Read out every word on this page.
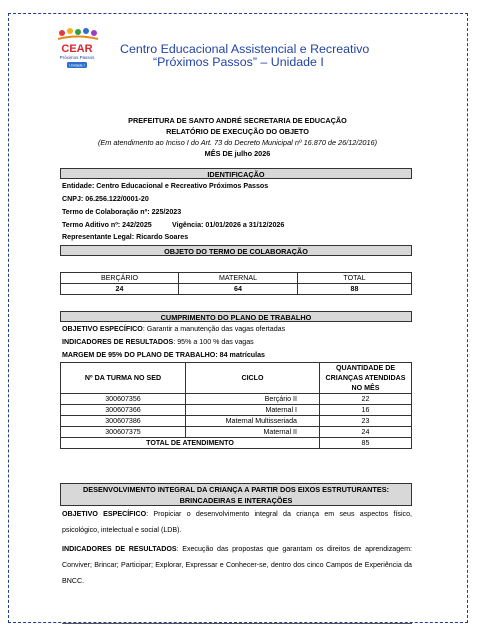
CEAR
Próximos Passos
Unidade I
Centro Educacional Assistencial e Recreativo
“Próximos Passos” – Unidade I
PREFEITURA DE SANTO ANDRÉ SECRETARIA DE EDUCAÇÃO
RELATÓRIO DE EXECUÇÃO DO OBJETO
(Em atendimento ao Inciso I do Art. 73 do Decreto Municipal nº 16.870 de 26/12/2016)
MÊS DE julho 2026
IDENTIFICAÇÃO
Entidade: Centro Educacional e Recreativo Próximos Passos
CNPJ: 06.256.122/0001-20
Termo de Colaboração nº: 225/2023
Termo Aditivo nº: 242/2025	Vigência: 01/01/2026 a 31/12/2026
Representante Legal: Ricardo Soares
OBJETO DO TERMO DE COLABORAÇÃO
BERÇÁRIO	MATERNAL	TOTAL
24	64	88
CUMPRIMENTO DO PLANO DE TRABALHO
OBJETIVO ESPECÍFICO: Garantir a manutenção das vagas ofertadas
INDICADORES DE RESULTADOS: 95% a 100 % das vagas
MARGEM DE 95% DO PLANO DE TRABALHO: 84 matrículas
Nº DA TURMA NO SED	CICLO	QUANTIDADE DE CRIANÇAS ATENDIDAS NO MÊS
300607356	Berçário II	22
300607366	Maternal I	16
300607386	Maternal Multisseriada	23
300607375	Maternal II	24
TOTAL DE ATENDIMENTO		85
DESENVOLVIMENTO INTEGRAL DA CRIANÇA A PARTIR DOS EIXOS ESTRUTURANTES:
BRINCADEIRAS E INTERAÇÕES
OBJETIVO ESPECÍFICO: Propiciar o desenvolvimento integral da criança em seus aspectos físico, psicológico, intelectual e social (LDB).
INDICADORES DE RESULTADOS: Execução das propostas que garantam os direitos de aprendizagem: Conviver; Brincar; Participar; Explorar, Expressar e Conhecer-se, dentro dos cinco Campos de Experiência da BNCC.
